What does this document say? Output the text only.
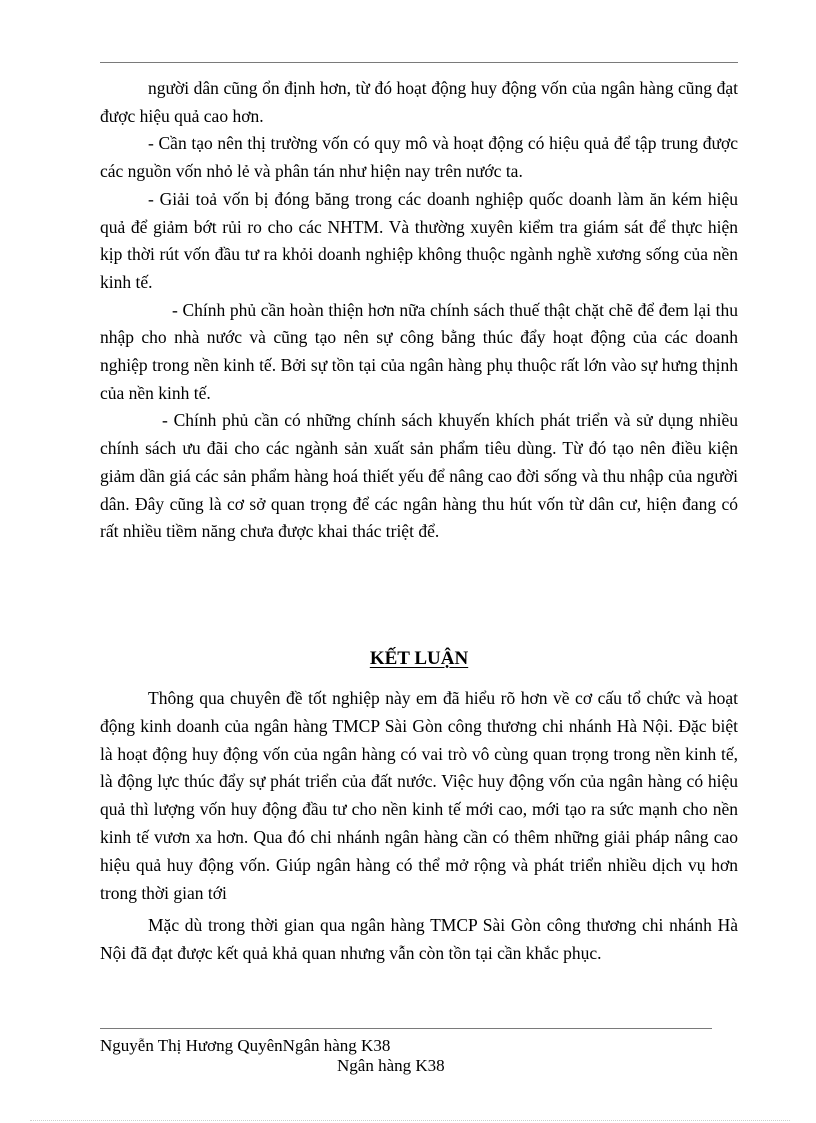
người dân cũng ổn định hơn, từ đó hoạt động huy động vốn của ngân hàng cũng đạt được hiệu quả cao hơn.

- Cần tạo nên thị trường vốn có quy mô và hoạt động có hiệu quả để tập trung được các nguồn vốn nhỏ lẻ và phân tán như hiện nay trên nước ta.

- Giải toả vốn bị đóng băng trong các doanh nghiệp quốc doanh làm ăn kém hiệu quả để giảm bớt rủi ro cho các NHTM. Và thường xuyên kiểm tra giám sát để thực hiện kịp thời rút vốn đầu tư ra khỏi doanh nghiệp không thuộc ngành nghề xương sống của nền kinh tế.

- Chính phủ cần hoàn thiện hơn nữa chính sách thuế thật chặt chẽ để đem lại thu nhập cho nhà nước và cũng tạo nên sự công bằng thúc đẩy hoạt động của các doanh nghiệp trong nền kinh tế. Bởi sự tồn tại của ngân hàng phụ thuộc rất lớn vào sự hưng thịnh của nền kinh tế.

- Chính phủ cần có những chính sách khuyến khích phát triển và sử dụng nhiều chính sách ưu đãi cho các ngành sản xuất sản phẩm tiêu dùng. Từ đó tạo nên điều kiện giảm dần giá các sản phẩm hàng hoá thiết yếu để nâng cao đời sống và thu nhập của người dân. Đây cũng là cơ sở quan trọng để các ngân hàng thu hút vốn từ dân cư, hiện đang có rất nhiều tiềm năng chưa được khai thác triệt để.

KẾT LUẬN

Thông qua chuyên đề tốt nghiệp này em đã hiểu rõ hơn về cơ cấu tổ chức và hoạt động kinh doanh của ngân hàng TMCP Sài Gòn công thương chi nhánh Hà Nội. Đặc biệt là hoạt động huy động vốn của ngân hàng có vai trò vô cùng quan trọng trong nền kinh tế, là động lực thúc đẩy sự phát triển của đất nước. Việc huy động vốn của ngân hàng có hiệu quả thì lượng vốn huy động đầu tư cho nền kinh tế mới cao, mới tạo ra sức mạnh cho nền kinh tế vươn xa hơn. Qua đó chi nhánh ngân hàng cần có thêm những giải pháp nâng cao hiệu quả huy động vốn. Giúp ngân hàng có thể mở rộng và phát triển nhiều dịch vụ hơn trong thời gian tới

Mặc dù trong thời gian qua ngân hàng TMCP Sài Gòn công thương chi nhánh Hà Nội đã đạt được kết quả khả quan nhưng vẫn còn tồn tại cần khắc phục.

Nguyễn Thị Hương QuyênNgân hàng K38
Ngân hàng K38
